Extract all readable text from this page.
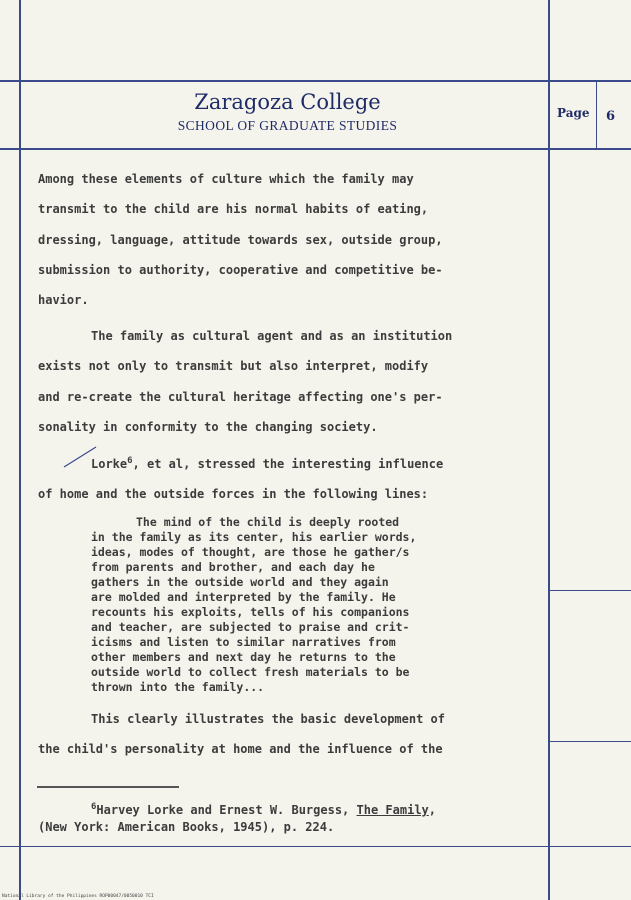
Zaragoza College
SCHOOL OF GRADUATE STUDIES
Page 6
Among these elements of culture which the family may
transmit to the child are his normal habits of eating,
dressing, language, attitude towards sex, outside group,
submission to authority, cooperative and competitive be-
havior.
The family as cultural agent and as an institution
exists not only to transmit but also interpret, modify
and re-create the cultural heritage affecting one's per-
sonality in conformity to the changing society.
Lorke$^6$, et al, stressed the interesting influence
of home and the outside forces in the following lines:
The mind of the child is deeply rooted
in the family as its center, his earlier words,
ideas, modes of thought, are those he gather/s
from parents and brother, and each day he
gathers in the outside world and they again
are molded and interpreted by the family. He
recounts his exploits, tells of his companions
and teacher, are subjected to praise and crit-
icisms and listen to similar narratives from
other members and next day he returns to the
outside world to collect fresh materials to be
thrown into the family...
This clearly illustrates the basic development of
the child's personality at home and the influence of the
$^6$Harvey Lorke and Ernest W. Burgess, The Family,
(New York: American Books, 1945), p. 224.
National Library of the Philippines ROP00047/0050010 TCI
